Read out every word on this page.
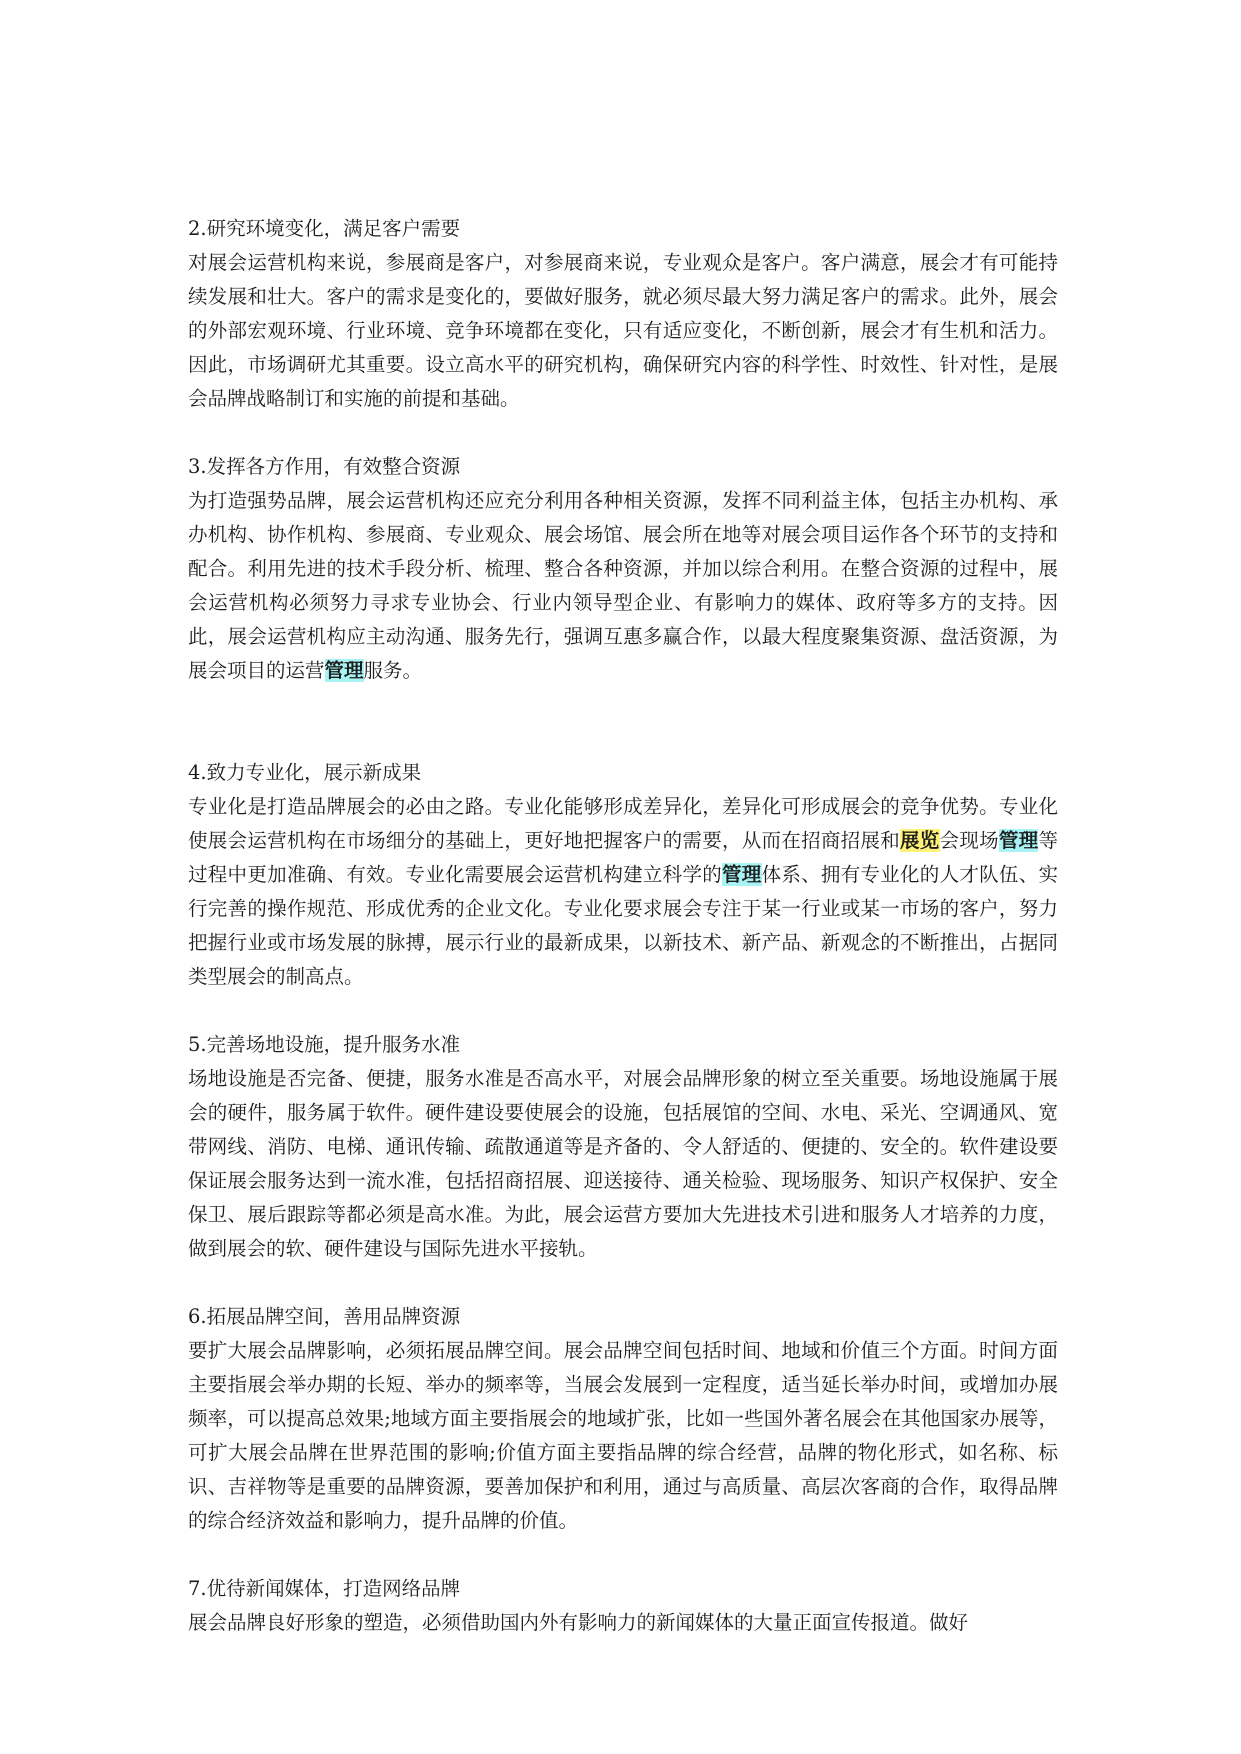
2.研究环境变化，满足客户需要
对展会运营机构来说，参展商是客户，对参展商来说，专业观众是客户。客户满意，展会才有可能持续发展和壮大。客户的需求是变化的，要做好服务，就必须尽最大努力满足客户的需求。此外，展会的外部宏观环境、行业环境、竞争环境都在变化，只有适应变化，不断创新，展会才有生机和活力。因此，市场调研尤其重要。设立高水平的研究机构，确保研究内容的科学性、时效性、针对性，是展会品牌战略制订和实施的前提和基础。
3.发挥各方作用，有效整合资源
为打造强势品牌，展会运营机构还应充分利用各种相关资源，发挥不同利益主体，包括主办机构、承办机构、协作机构、参展商、专业观众、展会场馆、展会所在地等对展会项目运作各个环节的支持和配合。利用先进的技术手段分析、梳理、整合各种资源，并加以综合利用。在整合资源的过程中，展会运营机构必须努力寻求专业协会、行业内领导型企业、有影响力的媒体、政府等多方的支持。因此，展会运营机构应主动沟通、服务先行，强调互惠多赢合作，以最大程度聚集资源、盘活资源，为展会项目的运营管理服务。
4.致力专业化，展示新成果
专业化是打造品牌展会的必由之路。专业化能够形成差异化，差异化可形成展会的竞争优势。专业化使展会运营机构在市场细分的基础上，更好地把握客户的需要，从而在招商招展和展览会现场管理等过程中更加准确、有效。专业化需要展会运营机构建立科学的管理体系、拥有专业化的人才队伍、实行完善的操作规范、形成优秀的企业文化。专业化要求展会专注于某一行业或某一市场的客户，努力把握行业或市场发展的脉搏，展示行业的最新成果，以新技术、新产品、新观念的不断推出，占据同类型展会的制高点。
5.完善场地设施，提升服务水准
场地设施是否完备、便捷，服务水准是否高水平，对展会品牌形象的树立至关重要。场地设施属于展会的硬件，服务属于软件。硬件建设要使展会的设施，包括展馆的空间、水电、采光、空调通风、宽带网线、消防、电梯、通讯传输、疏散通道等是齐备的、令人舒适的、便捷的、安全的。软件建设要保证展会服务达到一流水准，包括招商招展、迎送接待、通关检验、现场服务、知识产权保护、安全保卫、展后跟踪等都必须是高水准。为此，展会运营方要加大先进技术引进和服务人才培养的力度，做到展会的软、硬件建设与国际先进水平接轨。
6.拓展品牌空间，善用品牌资源
要扩大展会品牌影响，必须拓展品牌空间。展会品牌空间包括时间、地域和价值三个方面。时间方面主要指展会举办期的长短、举办的频率等，当展会发展到一定程度，适当延长举办时间，或增加办展频率，可以提高总效果;地域方面主要指展会的地域扩张，比如一些国外著名展会在其他国家办展等，可扩大展会品牌在世界范围的影响;价值方面主要指品牌的综合经营，品牌的物化形式，如名称、标识、吉祥物等是重要的品牌资源，要善加保护和利用，通过与高质量、高层次客商的合作，取得品牌的综合经济效益和影响力，提升品牌的价值。
7.优待新闻媒体，打造网络品牌
展会品牌良好形象的塑造，必须借助国内外有影响力的新闻媒体的大量正面宣传报道。做好
